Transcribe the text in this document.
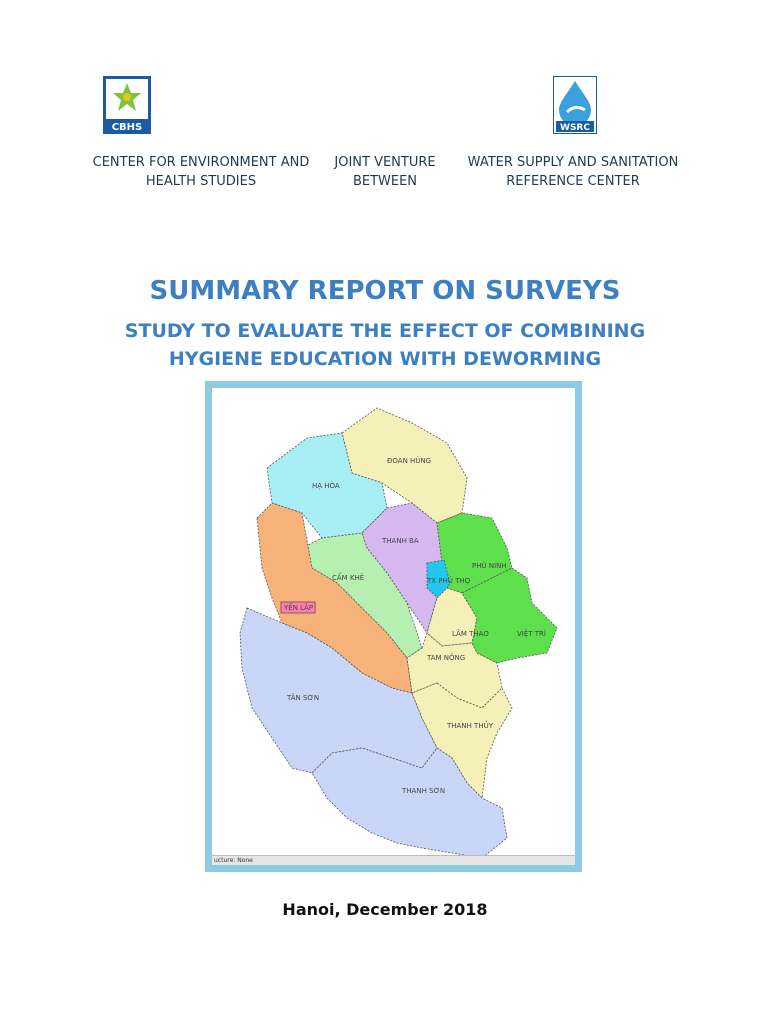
CBHS	WSRC
CENTER FOR ENVIRONMENT AND
HEALTH STUDIES
JOINT VENTURE
BETWEEN
WATER SUPPLY AND SANITATION
REFERENCE CENTER
SUMMARY REPORT ON SURVEYS
STUDY TO EVALUATE THE EFFECT OF COMBINING
HYGIENE EDUCATION WITH DEWORMING
ĐOAN HÙNG
HẠ HÒA
THANH BA
PHÙ NINH
CẨM KHÊ	TX PHÚ THỌ
YÊN LẬP
LÂM THAO	VIỆT TRÌ
TAM NÔNG
TÂN SƠN
THANH THỦY
THANH SƠN
ucture: None
Hanoi, December 2018
